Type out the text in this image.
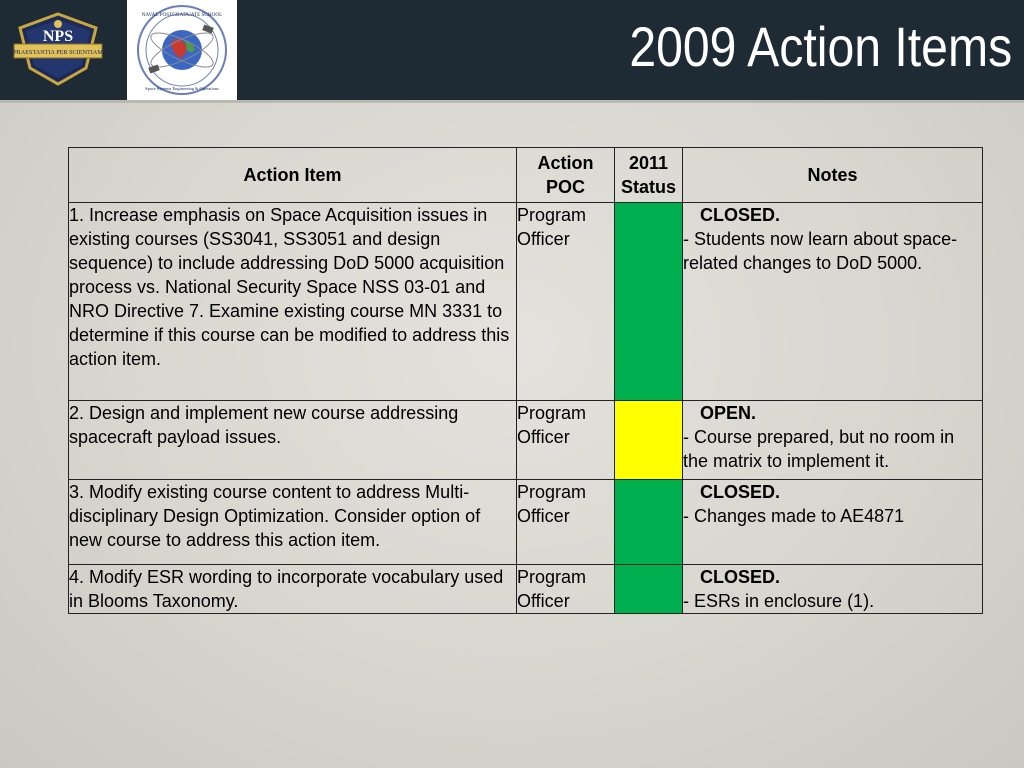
NPS
PRAESTANTIA PER SCIENTIAM
NAVAL POSTGRADUATE SCHOOL
Space Systems Engineering & Operations
2009 Action Items
Action Item	Action POC	2011 Status	Notes
1. Increase emphasis on Space Acquisition issues in existing courses (SS3041, SS3051 and design sequence) to include addressing DoD 5000 acquisition process vs. National Security Space NSS 03-01 and NRO Directive 7. Examine existing course MN 3331 to determine if this course can be modified to address this action item.	Program Officer		CLOSED.
- Students now learn about space-related changes to DoD 5000.

2. Design and implement new course addressing spacecraft payload issues.	Program Officer		OPEN.
- Course prepared, but no room in the matrix to implement it.

3. Modify existing course content to address Multi-disciplinary Design Optimization. Consider option of new course to address this action item.	Program Officer		CLOSED.
- Changes made to AE4871

4. Modify ESR wording to incorporate vocabulary used in Blooms Taxonomy.	Program Officer		CLOSED.
- ESRs in enclosure (1).
